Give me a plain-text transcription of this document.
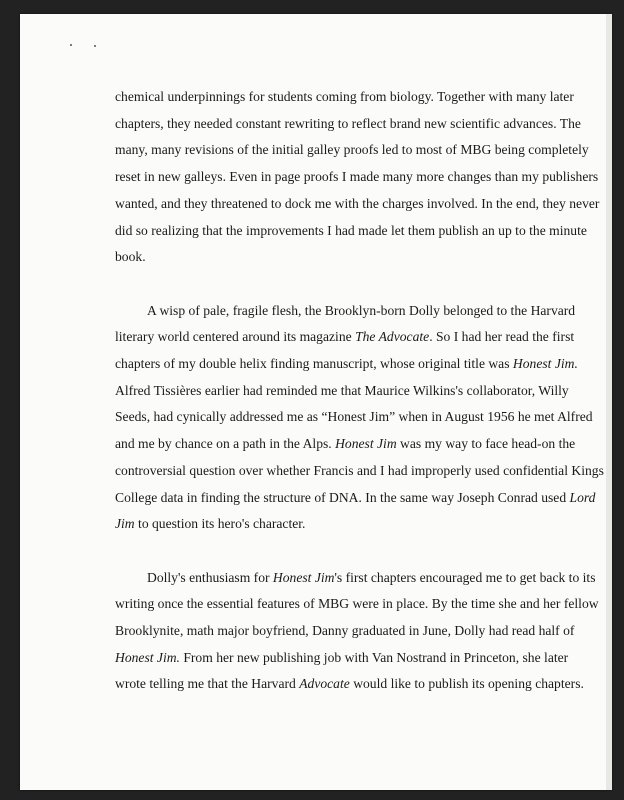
chemical underpinnings for students coming from biology. Together with many later
chapters, they needed constant rewriting to reflect brand new scientific advances. The
many, many revisions of the initial galley proofs led to most of MBG being completely
reset in new galleys. Even in page proofs I made many more changes than my publishers
wanted, and they threatened to dock me with the charges involved. In the end, they never
did so realizing that the improvements I had made let them publish an up to the minute
book.
A wisp of pale, fragile flesh, the Brooklyn-born Dolly belonged to the Harvard
literary world centered around its magazine The Advocate. So I had her read the first
chapters of my double helix finding manuscript, whose original title was Honest Jim.
Alfred Tissières earlier had reminded me that Maurice Wilkins's collaborator, Willy
Seeds, had cynically addressed me as “Honest Jim” when in August 1956 he met Alfred
and me by chance on a path in the Alps. Honest Jim was my way to face head-on the
controversial question over whether Francis and I had improperly used confidential Kings
College data in finding the structure of DNA. In the same way Joseph Conrad used Lord
Jim to question its hero's character.
Dolly's enthusiasm for Honest Jim's first chapters encouraged me to get back to its
writing once the essential features of MBG were in place. By the time she and her fellow
Brooklynite, math major boyfriend, Danny graduated in June, Dolly had read half of
Honest Jim. From her new publishing job with Van Nostrand in Princeton, she later
wrote telling me that the Harvard Advocate would like to publish its opening chapters.
